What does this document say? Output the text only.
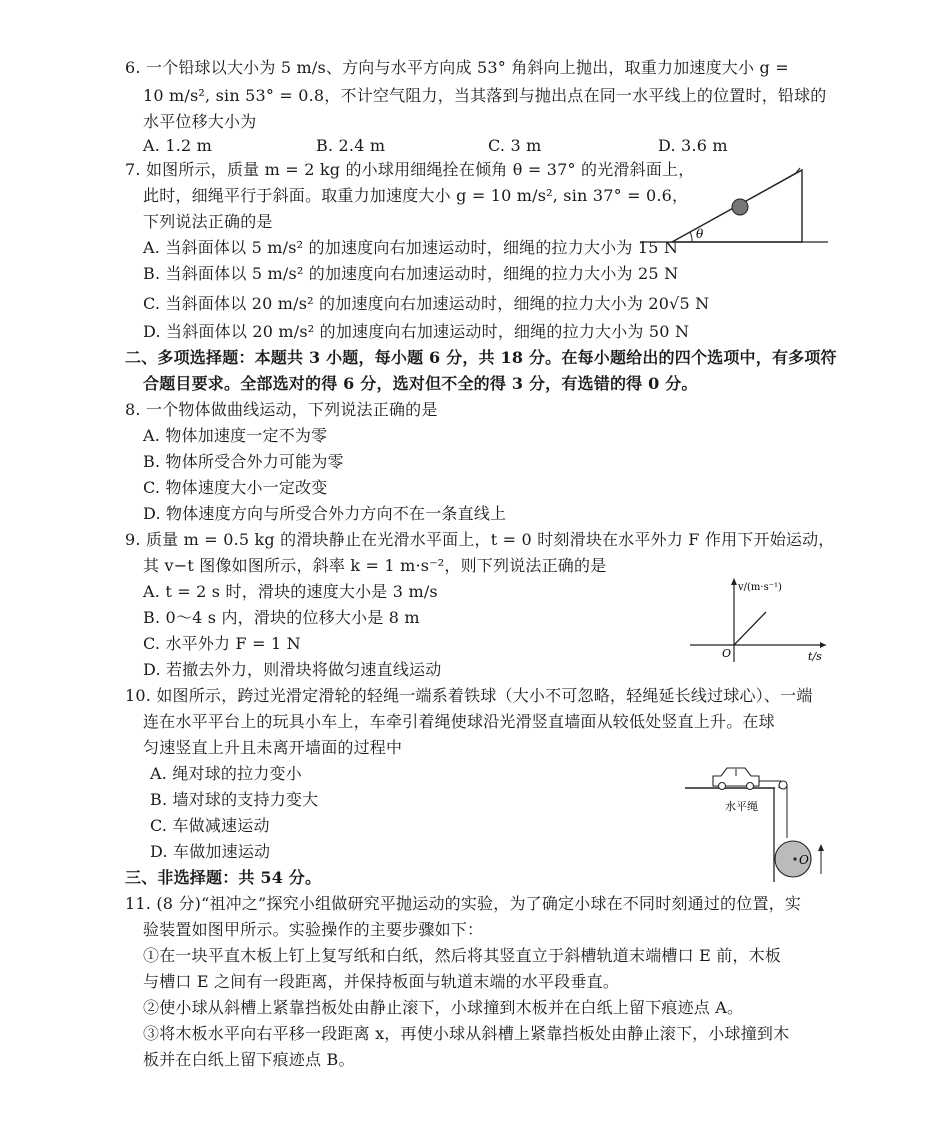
6. 一个铅球以大小为 5 m/s、方向与水平方向成 53° 角斜向上抛出，取重力加速度大小 g =
10 m/s², sin 53° = 0.8，不计空气阻力，当其落到与抛出点在同一水平线上的位置时，铅球的
水平位移大小为
A. 1.2 m	B. 2.4 m	C. 3 m	D. 3.6 m
7. 如图所示，质量 m = 2 kg 的小球用细绳拴在倾角 θ = 37° 的光滑斜面上，
此时，细绳平行于斜面。取重力加速度大小 g = 10 m/s², sin 37° = 0.6，
下列说法正确的是
A. 当斜面体以 5 m/s² 的加速度向右加速运动时，细绳的拉力大小为 15 N
B. 当斜面体以 5 m/s² 的加速度向右加速运动时，细绳的拉力大小为 25 N
C. 当斜面体以 20 m/s² 的加速度向右加速运动时，细绳的拉力大小为 20√5 N
D. 当斜面体以 20 m/s² 的加速度向右加速运动时，细绳的拉力大小为 50 N
θ
二、多项选择题：本题共 3 小题，每小题 6 分，共 18 分。在每小题给出的四个选项中，有多项符
合题目要求。全部选对的得 6 分，选对但不全的得 3 分，有选错的得 0 分。
8. 一个物体做曲线运动，下列说法正确的是
A. 物体加速度一定不为零
B. 物体所受合外力可能为零
C. 物体速度大小一定改变
D. 物体速度方向与所受合外力方向不在一条直线上
9. 质量 m = 0.5 kg 的滑块静止在光滑水平面上，t = 0 时刻滑块在水平外力 F 作用下开始运动，
其 v−t 图像如图所示，斜率 k = 1 m·s⁻²，则下列说法正确的是
A. t = 2 s 时，滑块的速度大小是 3 m/s
B. 0～4 s 内，滑块的位移大小是 8 m
C. 水平外力 F = 1 N
D. 若撤去外力，则滑块将做匀速直线运动
v/(m·s⁻¹)
t/s
O
10. 如图所示，跨过光滑定滑轮的轻绳一端系着铁球（大小不可忽略，轻绳延长线过球心）、一端
连在水平平台上的玩具小车上，车牵引着绳使球沿光滑竖直墙面从较低处竖直上升。在球
匀速竖直上升且未离开墙面的过程中
A. 绳对球的拉力变小
B. 墙对球的支持力变大
C. 车做减速运动
D. 车做加速运动	O
水平绳
三、非选择题：共 54 分。
11. (8 分)“祖冲之”探究小组做研究平抛运动的实验，为了确定小球在不同时刻通过的位置，实
验装置如图甲所示。实验操作的主要步骤如下：
①在一块平直木板上钉上复写纸和白纸，然后将其竖直立于斜槽轨道末端槽口 E 前，木板
与槽口 E 之间有一段距离，并保持板面与轨道末端的水平段垂直。
②使小球从斜槽上紧靠挡板处由静止滚下，小球撞到木板并在白纸上留下痕迹点 A。
③将木板水平向右平移一段距离 x，再使小球从斜槽上紧靠挡板处由静止滚下，小球撞到木
板并在白纸上留下痕迹点 B。
